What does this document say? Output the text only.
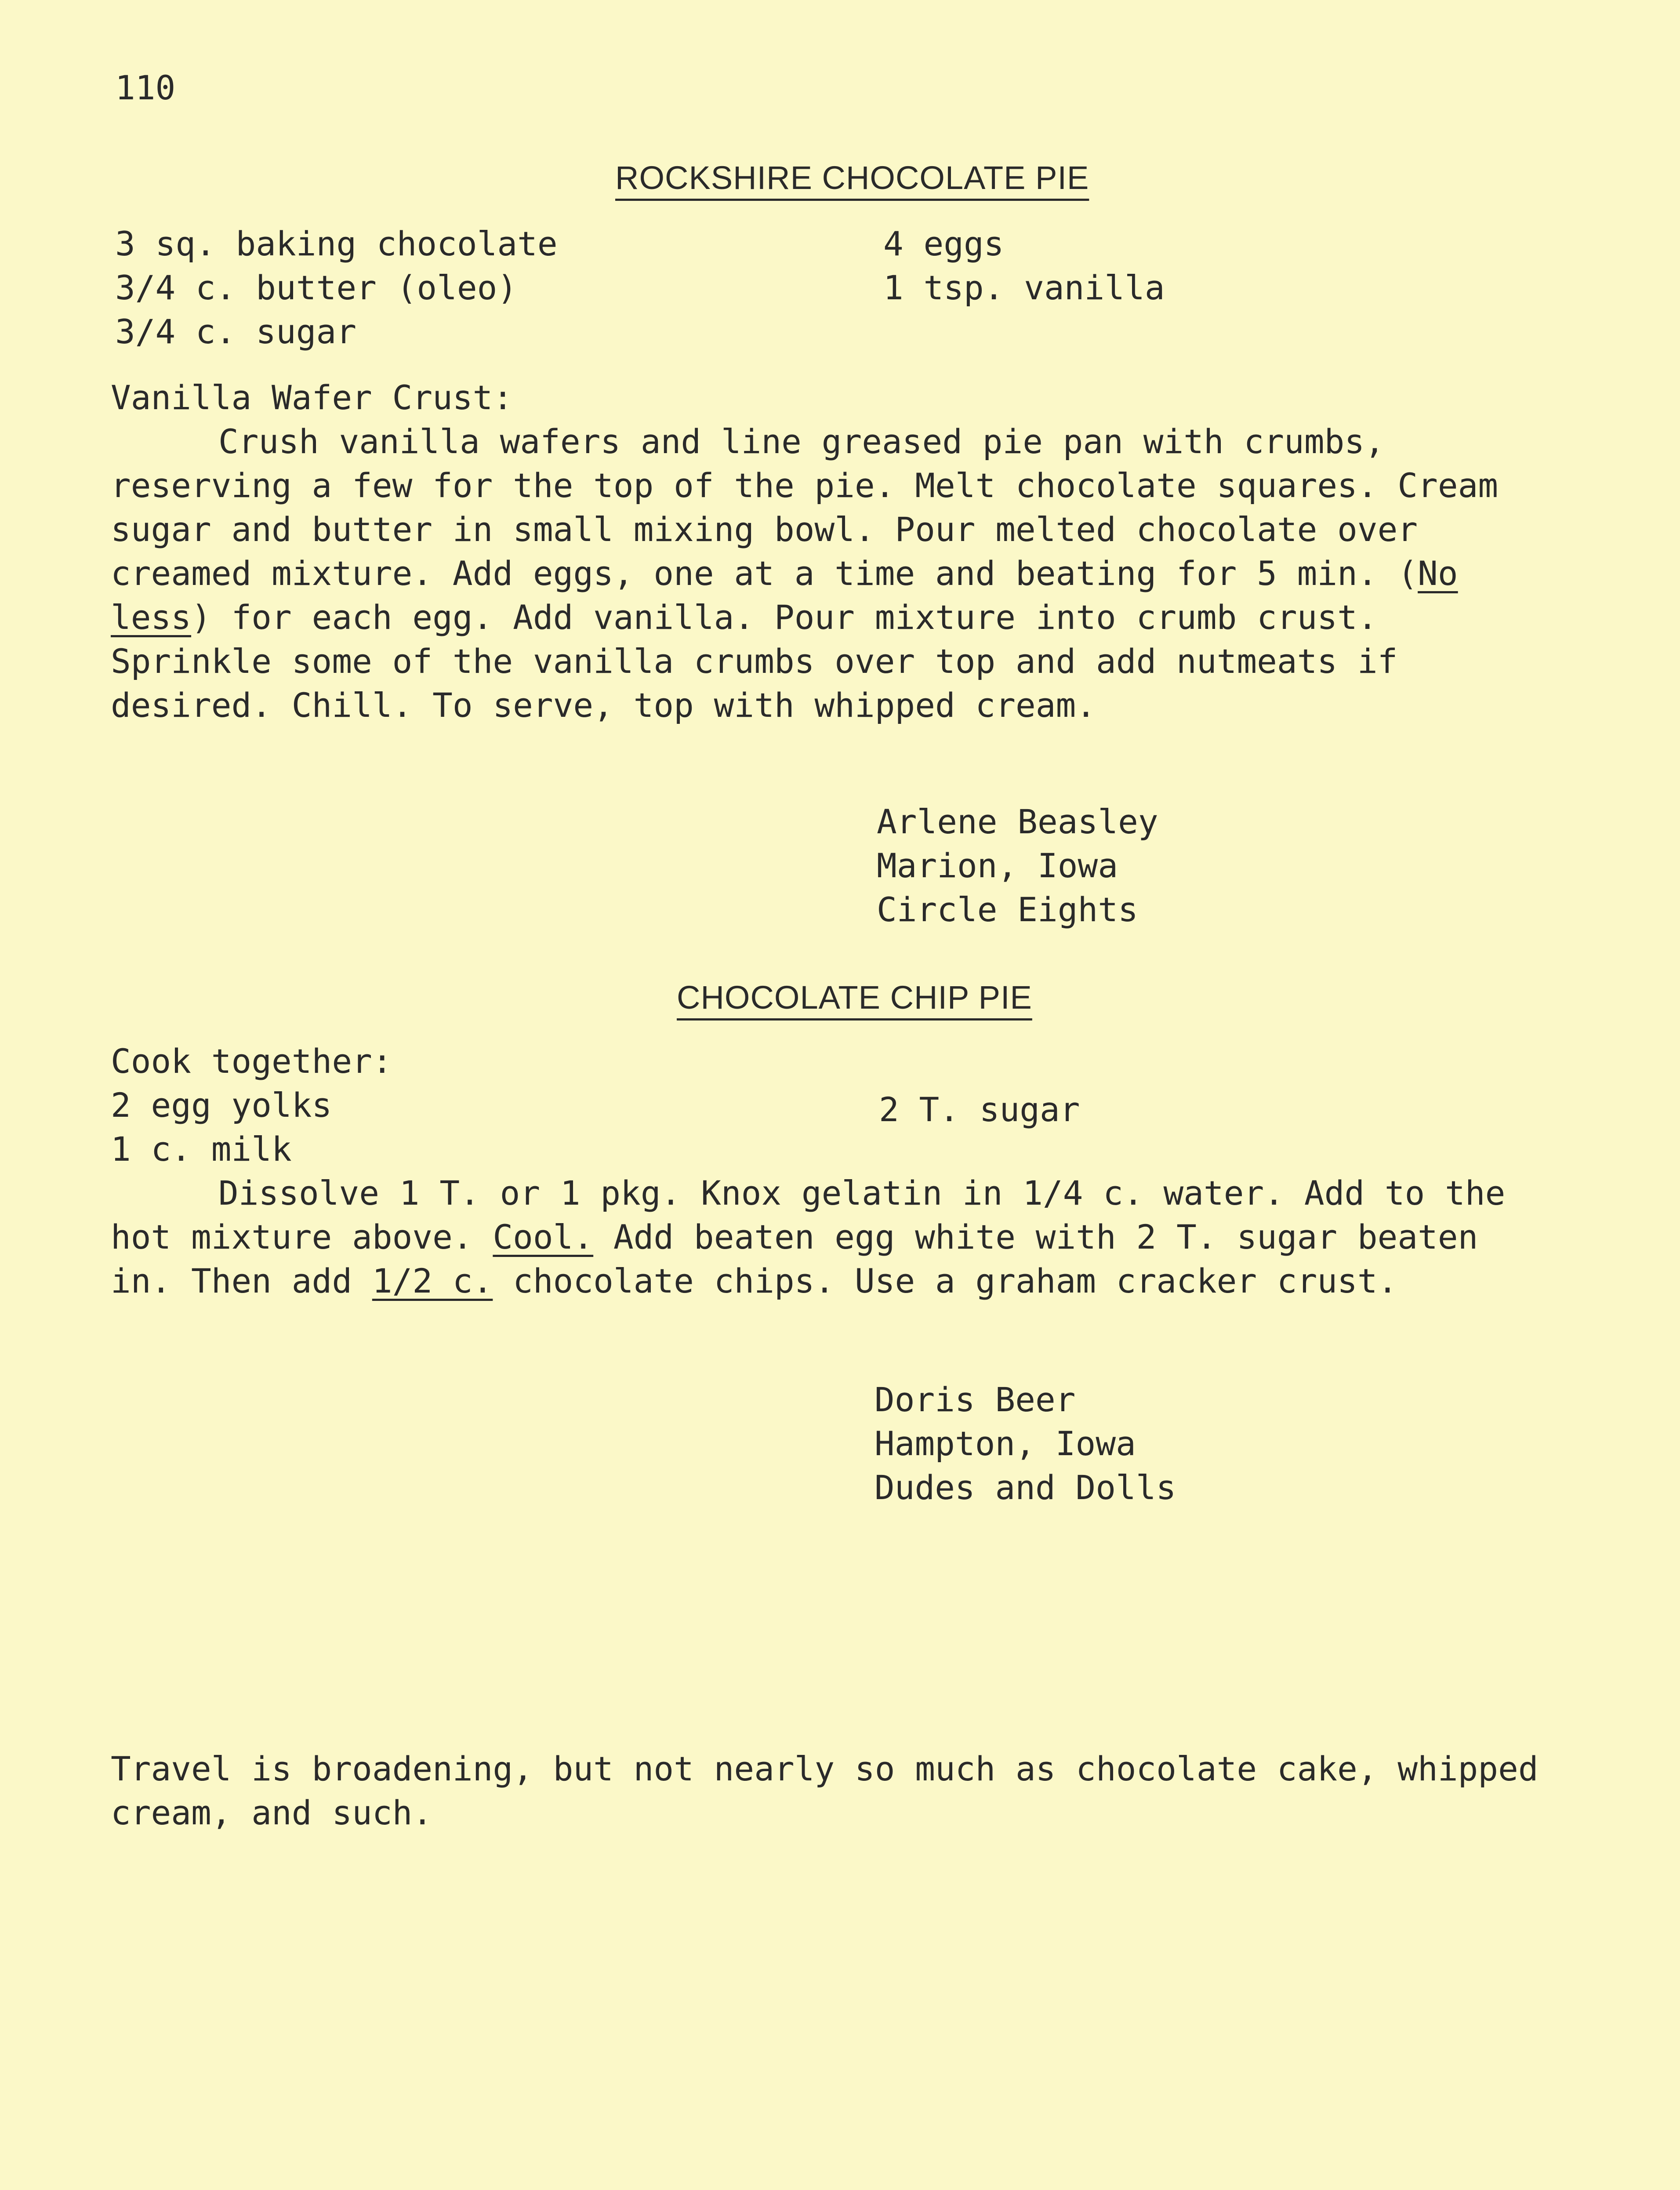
110
ROCKSHIRE CHOCOLATE PIE
3 sq. baking chocolate
3/4 c. butter (oleo)
3/4 c. sugar
4 eggs
1 tsp. vanilla
Vanilla Wafer Crust:
Crush vanilla wafers and line greased pie pan with crumbs, reserving a few for the top of the pie. Melt chocolate squares. Cream sugar and butter in small mixing bowl. Pour melted chocolate over creamed mixture. Add eggs, one at a time and beating for 5 min. (No less) for each egg. Add vanilla. Pour mixture into crumb crust. Sprinkle some of the vanilla crumbs over top and add nutmeats if desired. Chill. To serve, top with whipped cream.
Arlene Beasley
Marion, Iowa
Circle Eights
CHOCOLATE CHIP PIE
Cook together:
2 egg yolks
1 c. milk
2 T. sugar
Dissolve 1 T. or 1 pkg. Knox gelatin in 1/4 c. water. Add to the hot mixture above. Cool. Add beaten egg white with 2 T. sugar beaten in. Then add 1/2 c. chocolate chips. Use a graham cracker crust.
Doris Beer
Hampton, Iowa
Dudes and Dolls
Travel is broadening, but not nearly so much as chocolate cake, whipped cream, and such.
